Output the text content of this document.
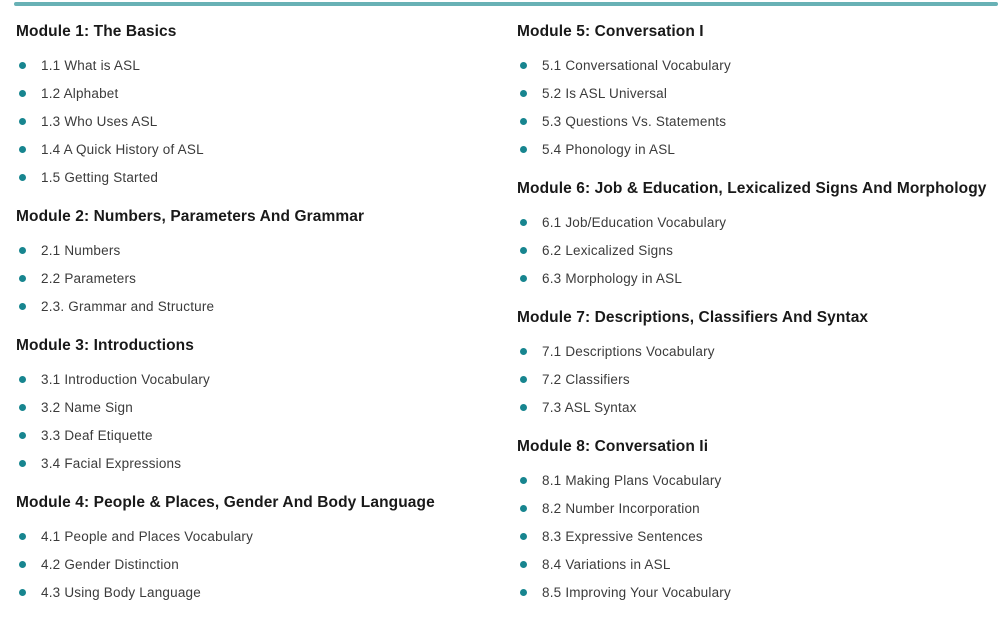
Module 1: The Basics
1.1 What is ASL
1.2 Alphabet
1.3 Who Uses ASL
1.4 A Quick History of ASL
1.5 Getting Started
Module 2: Numbers, Parameters And Grammar
2.1 Numbers
2.2 Parameters
2.3. Grammar and Structure
Module 3: Introductions
3.1 Introduction Vocabulary
3.2 Name Sign
3.3 Deaf Etiquette
3.4 Facial Expressions
Module 4: People & Places, Gender And Body Language
4.1 People and Places Vocabulary
4.2 Gender Distinction
4.3 Using Body Language
Module 5: Conversation I
5.1 Conversational Vocabulary
5.2 Is ASL Universal
5.3 Questions Vs. Statements
5.4 Phonology in ASL
Module 6: Job & Education, Lexicalized Signs And Morphology
6.1 Job/Education Vocabulary
6.2 Lexicalized Signs
6.3 Morphology in ASL
Module 7: Descriptions, Classifiers And Syntax
7.1 Descriptions Vocabulary
7.2 Classifiers
7.3 ASL Syntax
Module 8: Conversation Ii
8.1 Making Plans Vocabulary
8.2 Number Incorporation
8.3 Expressive Sentences
8.4 Variations in ASL
8.5 Improving Your Vocabulary
